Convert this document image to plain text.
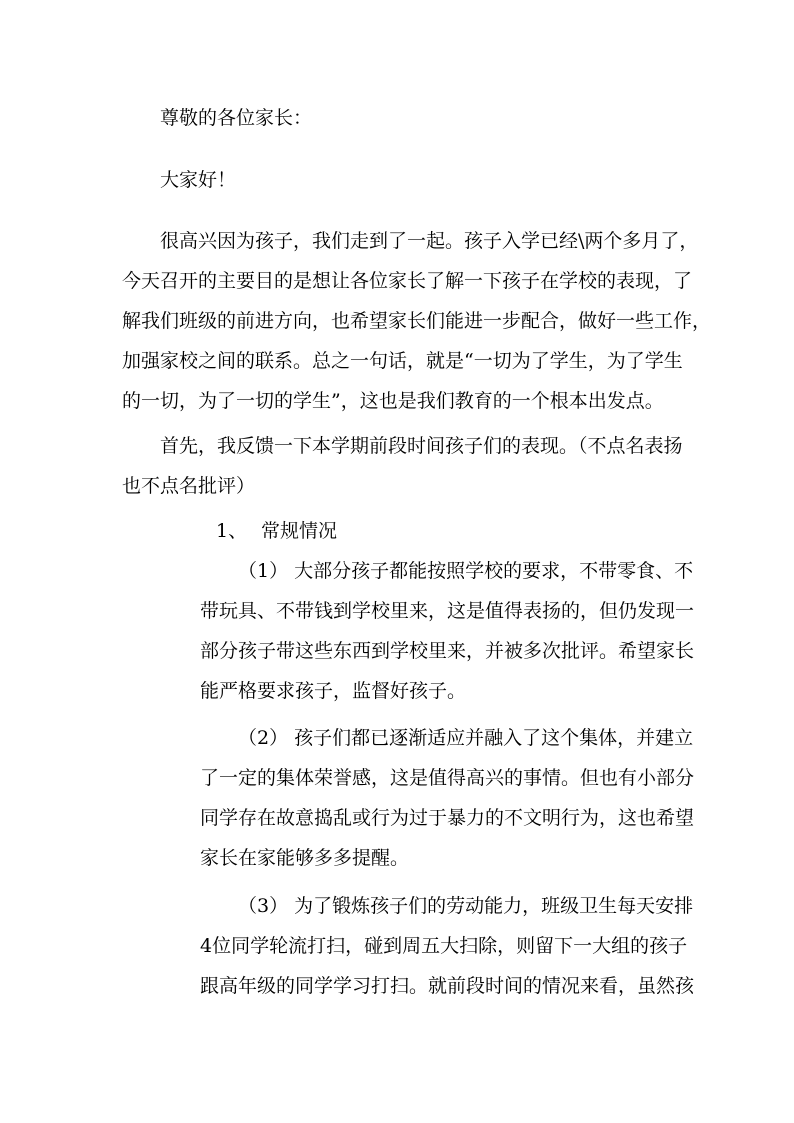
尊敬的各位家长：
大家好！
很高兴因为孩子，我们走到了一起。孩子入学已经\两个多月了，
今天召开的主要目的是想让各位家长了解一下孩子在学校的表现，了
解我们班级的前进方向，也希望家长们能进一步配合，做好一些工作，
加强家校之间的联系。总之一句话，就是“一切为了学生，为了学生
的一切，为了一切的学生”，这也是我们教育的一个根本出发点。
首先，我反馈一下本学期前段时间孩子们的表现。（不点名表扬
也不点名批评）
1、 常规情况
（1） 大部分孩子都能按照学校的要求，不带零食、不
带玩具、不带钱到学校里来，这是值得表扬的，但仍发现一
部分孩子带这些东西到学校里来，并被多次批评。希望家长
能严格要求孩子，监督好孩子。
（2） 孩子们都已逐渐适应并融入了这个集体，并建立
了一定的集体荣誉感，这是值得高兴的事情。但也有小部分
同学存在故意捣乱或行为过于暴力的不文明行为，这也希望
家长在家能够多多提醒。
（3） 为了锻炼孩子们的劳动能力，班级卫生每天安排
4位同学轮流打扫，碰到周五大扫除，则留下一大组的孩子
跟高年级的同学学习打扫。就前段时间的情况来看，虽然孩
